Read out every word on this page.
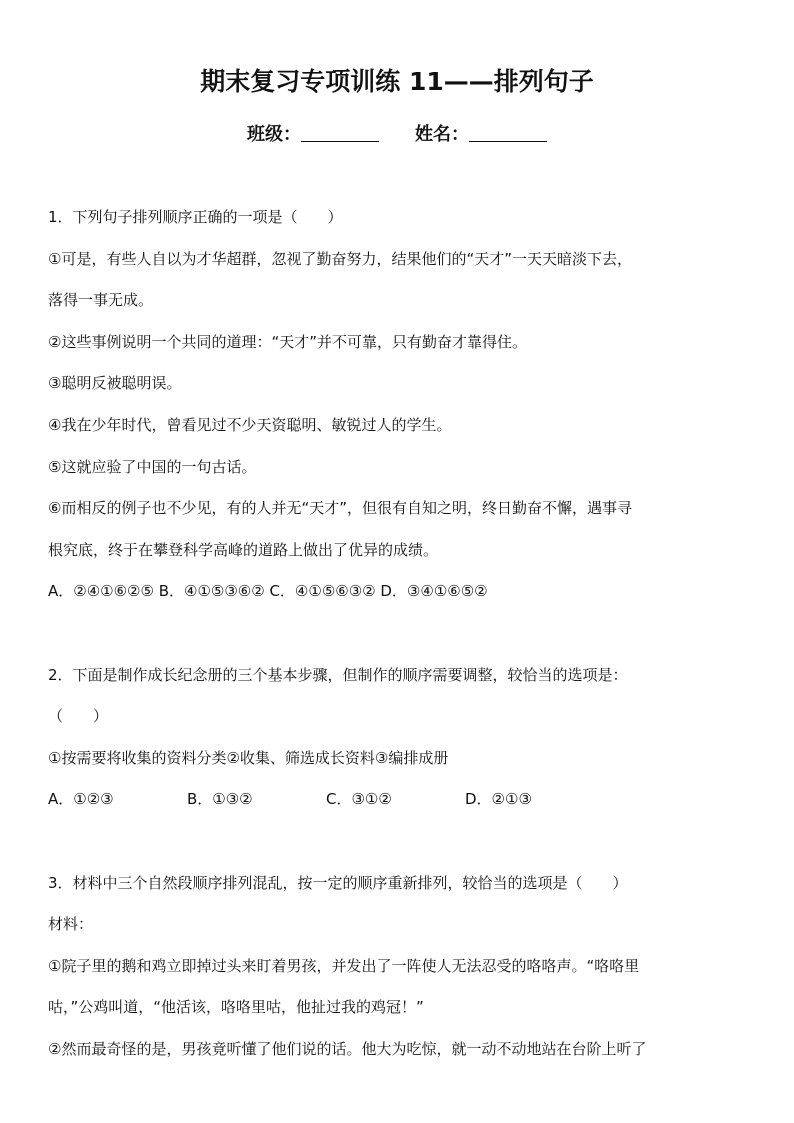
期末复习专项训练 11——排列句子
班级：	姓名：
1．下列句子排列顺序正确的一项是（　　）
①可是，有些人自以为才华超群，忽视了勤奋努力，结果他们的“天才”一天天暗淡下去，
落得一事无成。
②这些事例说明一个共同的道理：“天才”并不可靠，只有勤奋才靠得住。
③聪明反被聪明误。
④我在少年时代，曾看见过不少天资聪明、敏锐过人的学生。
⑤这就应验了中国的一句古话。
⑥而相反的例子也不少见，有的人并无“天才”，但很有自知之明，终日勤奋不懈，遇事寻
根究底，终于在攀登科学高峰的道路上做出了优异的成绩。
A．②④①⑥②⑤ B．④①⑤③⑥② C．④①⑤⑥③② D．③④①⑥⑤②
2．下面是制作成长纪念册的三个基本步骤，但制作的顺序需要调整，较恰当的选项是：
（　　）
①按需要将收集的资料分类②收集、筛选成长资料③编排成册
A．①②③	B．①③②	C．③①②	D．②①③
3．材料中三个自然段顺序排列混乱，按一定的顺序重新排列，较恰当的选项是（　　）
材料：
①院子里的鹅和鸡立即掉过头来盯着男孩，并发出了一阵使人无法忍受的咯咯声。“咯咯里
咕，”公鸡叫道，“他活该，咯咯里咕，他扯过我的鸡冠！”
②然而最奇怪的是，男孩竟听懂了他们说的话。他大为吃惊，就一动不动地站在台阶上听了
